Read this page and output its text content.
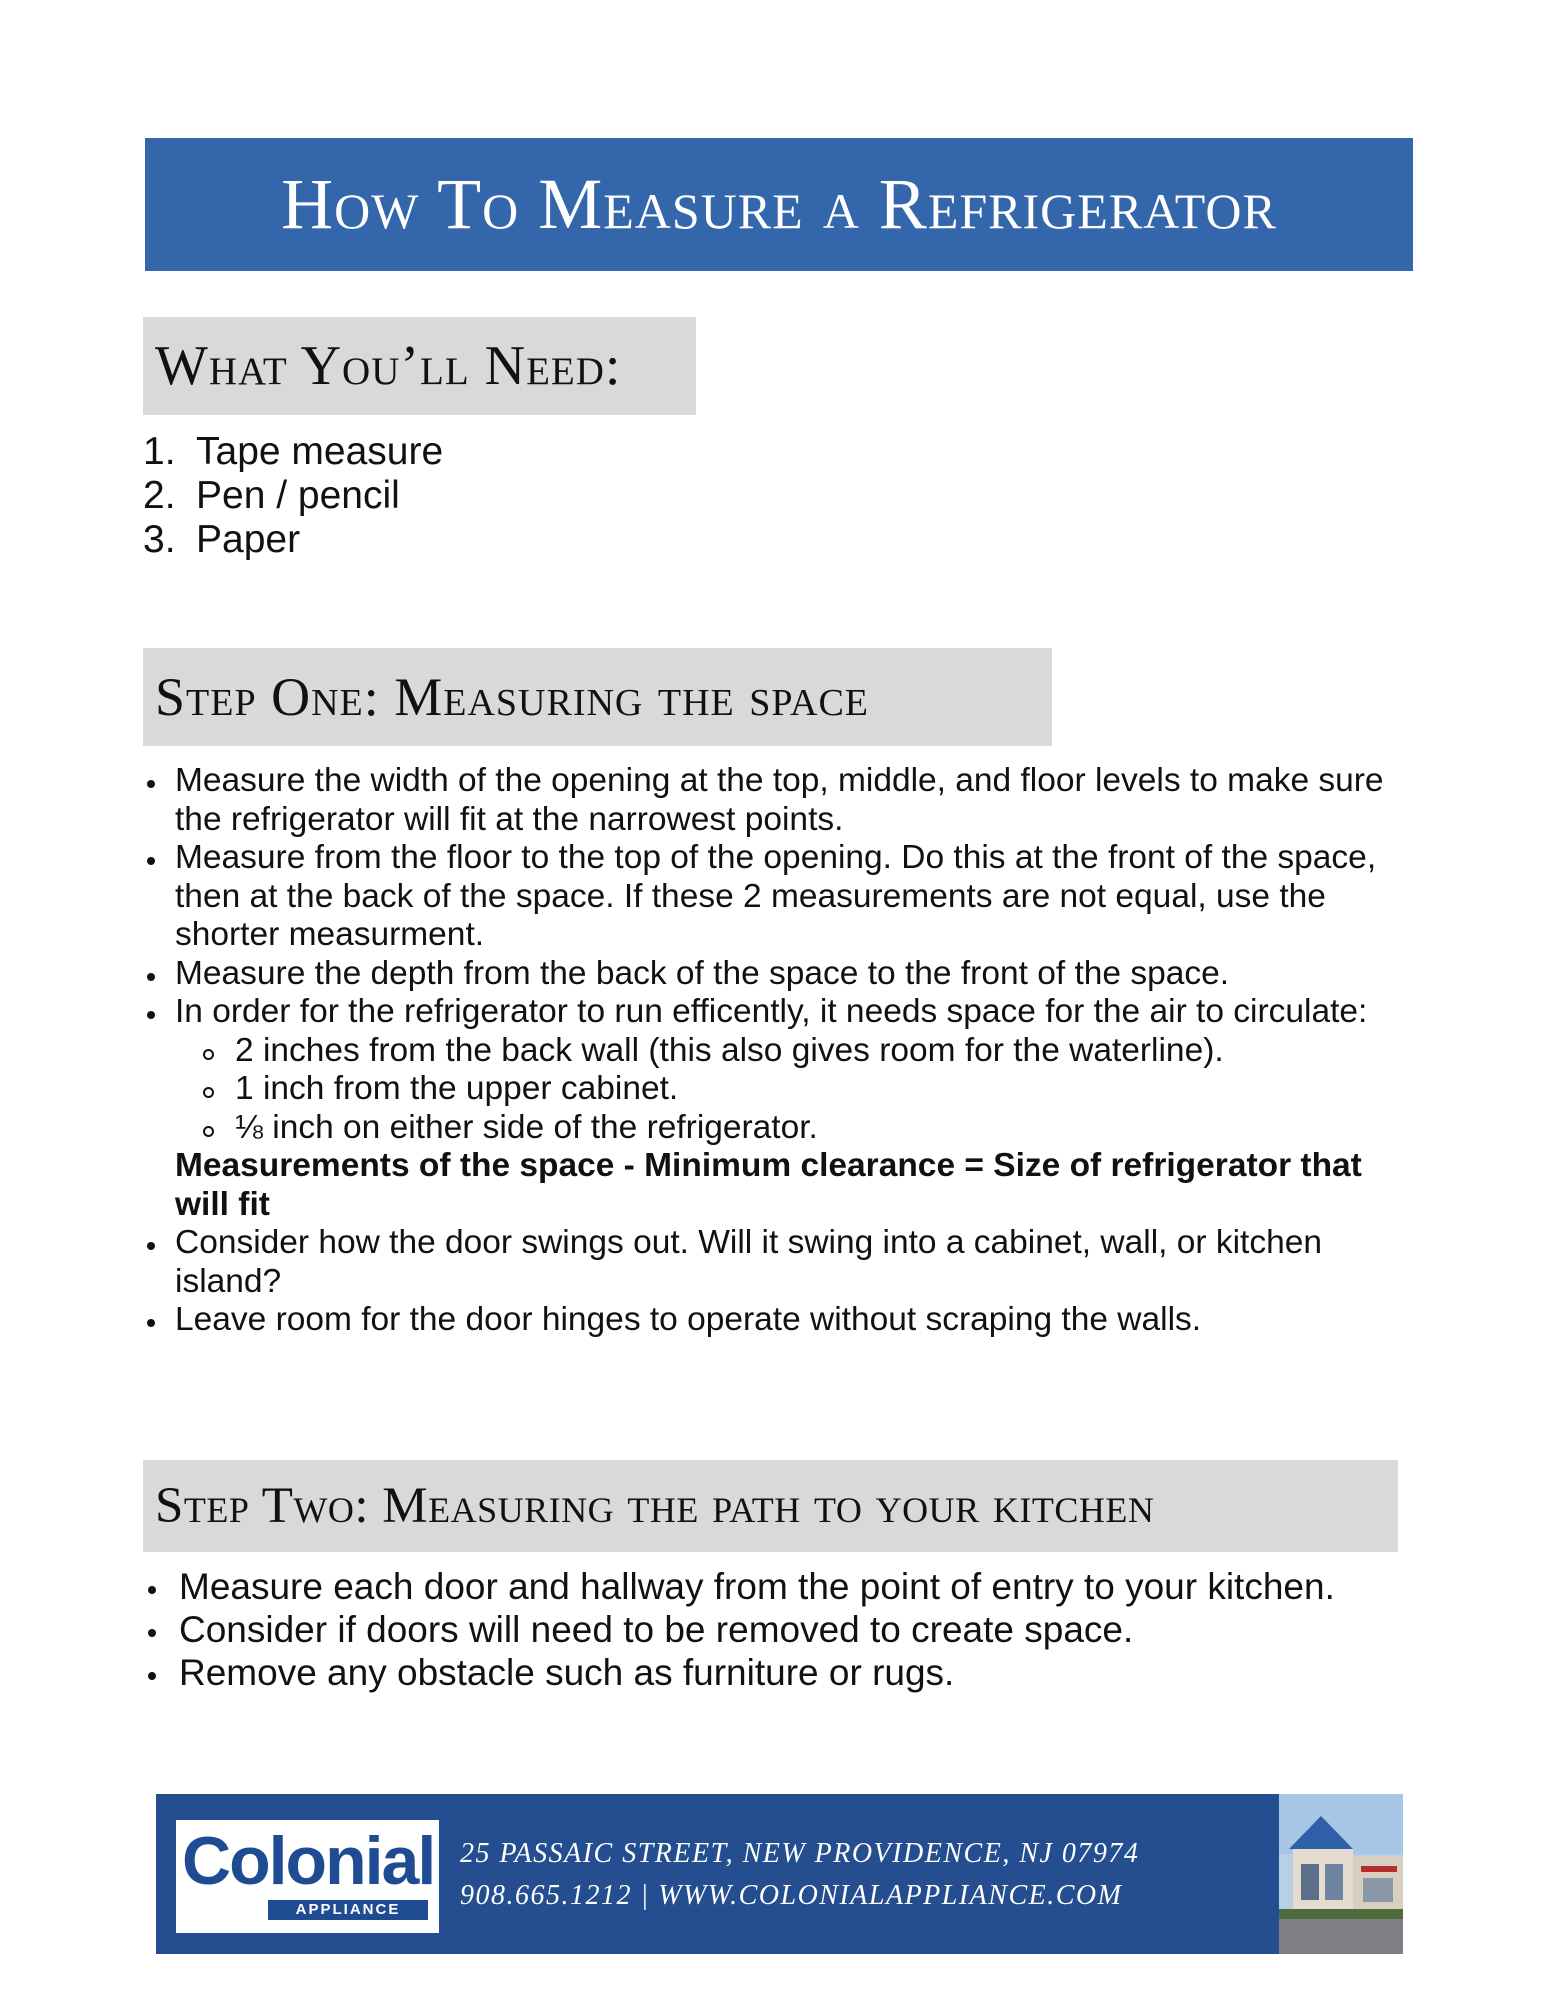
How To Measure a Refrigerator
What You’ll Need:
1. Tape measure
2. Pen / pencil
3. Paper
Step One: Measuring the space
Measure the width of the opening at the top, middle, and floor levels to make sure the refrigerator will fit at the narrowest points.
Measure from the floor to the top of the opening. Do this at the front of the space, then at the back of the space. If these 2 measurements are not equal, use the shorter measurment.
Measure the depth from the back of the space to the front of the space.
In order for the refrigerator to run efficently, it needs space for the air to circulate:
2 inches from the back wall (this also gives room for the waterline).
1 inch from the upper cabinet.
⅛ inch on either side of the refrigerator.
Measurements of the space - Minimum clearance = Size of refrigerator that will fit
Consider how the door swings out. Will it swing into a cabinet, wall, or kitchen island?
Leave room for the door hinges to operate without scraping the walls.
Step Two: Measuring the path to your kitchen
Measure each door and hallway from the point of entry to your kitchen.
Consider if doors will need to be removed to create space.
Remove any obstacle such as furniture or rugs.
Colonial
APPLIANCE
25 PASSAIC STREET, NEW PROVIDENCE, NJ 07974
908.665.1212 | WWW.COLONIALAPPLIANCE.COM
